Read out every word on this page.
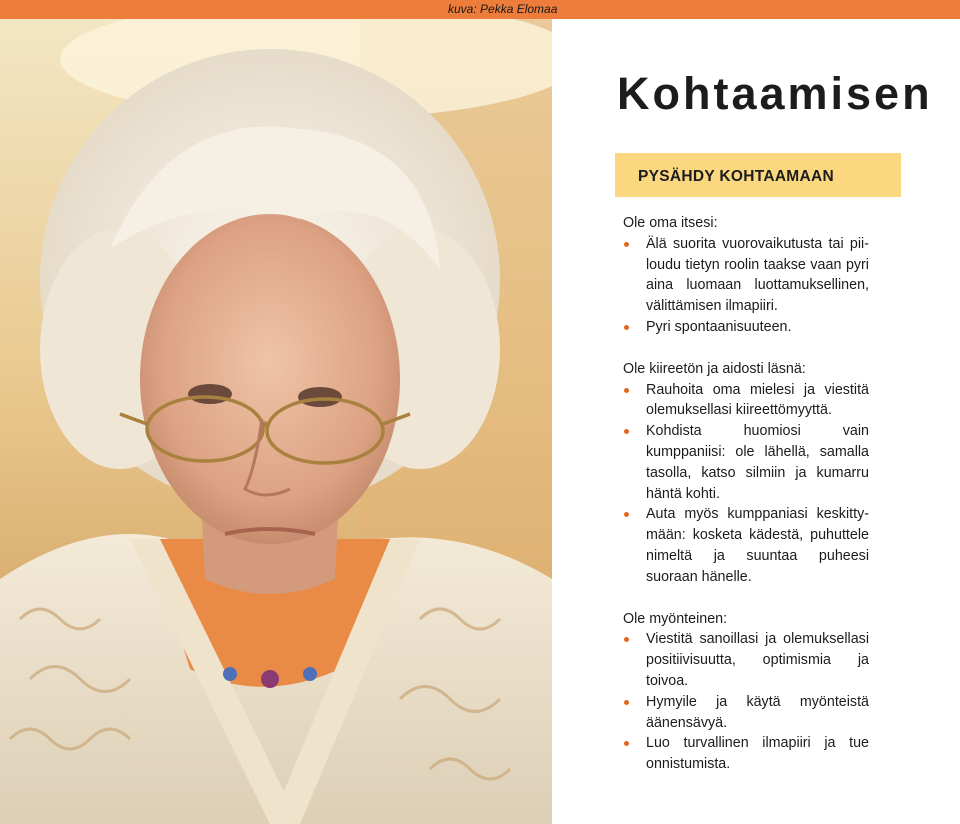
kuva: Pekka Elomaa
Kohtaamisen
PYSÄHDY KOHTAAMAAN

Ole oma itsesi:

Älä suorita vuorovaikutusta tai piiloudu tietyn roolin taakse vaan pyri aina luomaan luottamuksellinen, välittämisen ilmapiiri.
Pyri spontaanisuuteen.

Ole kiireetön ja aidosti läsnä:

Rauhoita oma mielesi ja viestitä olemuksellasi kiireettömyyttä.
Kohdista huomiosi vain kumppaniisi: ole lähellä, samalla tasolla, katso silmiin ja kumarru häntä kohti.
Auta myös kumppaniasi keskittymään: kosketa kädestä, puhuttele nimeltä ja suuntaa puheesi suoraan hänelle.

Ole myönteinen:

Viestitä sanoillasi ja olemuksellasi positiivisuutta, optimismia ja toivoa.
Hymyile ja käytä myönteistä äänensävyä.
Luo turvallinen ilmapiiri ja tue onnistumista.
